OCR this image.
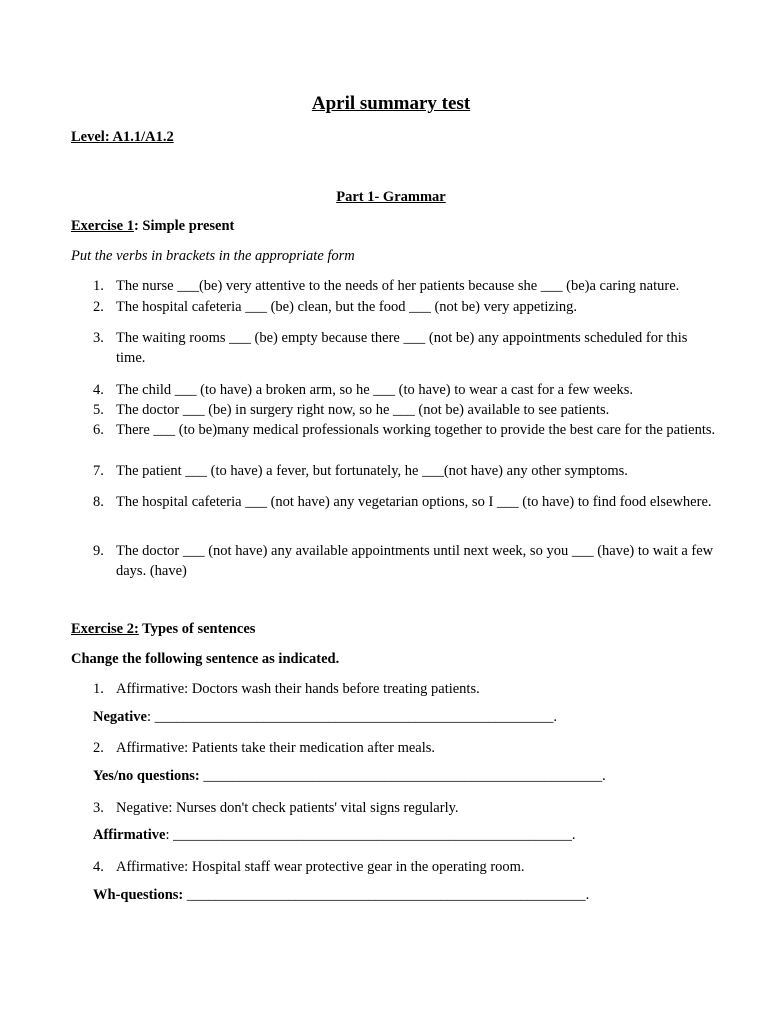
April summary test
Level: A1.1/A1.2
Part 1- Grammar
Exercise 1: Simple present
Put the verbs in brackets in the appropriate form
1. The nurse ___(be) very attentive to the needs of her patients because she ___ (be)a caring nature.
2. The hospital cafeteria ___ (be) clean, but the food ___ (not be) very appetizing.
3. The waiting rooms ___ (be) empty because there ___ (not be) any appointments scheduled for this time.
4. The child ___ (to have) a broken arm, so he ___ (to have) to wear a cast for a few weeks.
5. The doctor ___ (be) in surgery right now, so he ___ (not be) available to see patients.
6. There ___ (to be)many medical professionals working together to provide the best care for the patients.
7. The patient ___ (to have) a fever, but fortunately, he ___(not have) any other symptoms.
8. The hospital cafeteria ___ (not have) any vegetarian options, so I ___ (to have) to find food elsewhere.
9. The doctor ___ (not have) any available appointments until next week, so you ___ (have) to wait a few days. (have)
Exercise 2: Types of sentences
Change the following sentence as indicated.
1. Affirmative: Doctors wash their hands before treating patients.
Negative: _______________________________________________________.
2. Affirmative: Patients take their medication after meals.
Yes/no questions: _______________________________________________________.
3. Negative: Nurses don't check patients' vital signs regularly.
Affirmative: _______________________________________________________.
4. Affirmative: Hospital staff wear protective gear in the operating room.
Wh-questions: _______________________________________________________.
